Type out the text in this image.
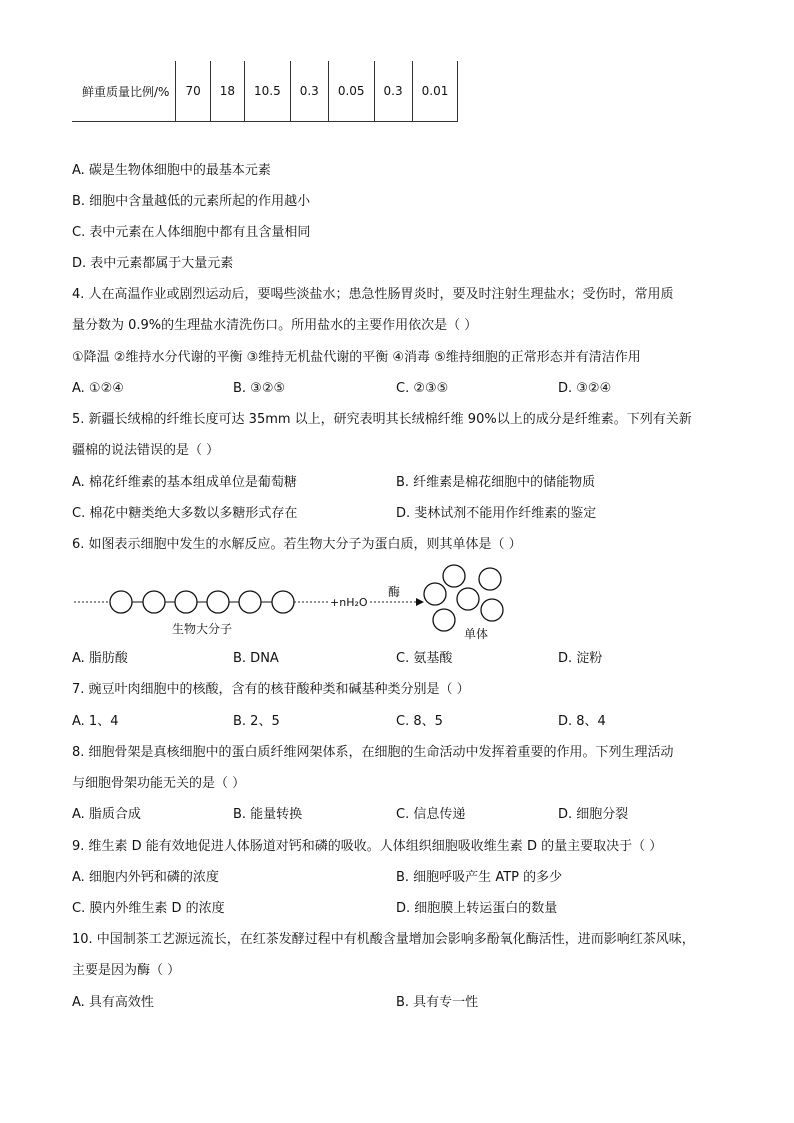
鲜重质量比例/%	70	18	10.5	0.3	0.05	0.3	0.01
A. 碳是生物体细胞中的最基本元素
B. 细胞中含量越低的元素所起的作用越小
C. 表中元素在人体细胞中都有且含量相同
D. 表中元素都属于大量元素
4. 人在高温作业或剧烈运动后，要喝些淡盐水；患急性肠胃炎时，要及时注射生理盐水；受伤时，常用质
量分数为 0.9%的生理盐水清洗伤口。所用盐水的主要作用依次是（ ）
①降温 ②维持水分代谢的平衡 ③维持无机盐代谢的平衡 ④消毒 ⑤维持细胞的正常形态并有清洁作用
A. ①②④	B. ③②⑤	C. ②③⑤	D. ③②④
5. 新疆长绒棉的纤维长度可达 35mm 以上，研究表明其长绒棉纤维 90%以上的成分是纤维素。下列有关新
疆棉的说法错误的是（ ）
A. 棉花纤维素的基本组成单位是葡萄糖	B. 纤维素是棉花细胞中的储能物质
C. 棉花中糖类绝大多数以多糖形式存在	D. 斐林试剂不能用作纤维素的鉴定
6. 如图表示细胞中发生的水解反应。若生物大分子为蛋白质，则其单体是（ ）
+nH₂O
酶
生物大分子	单体
A. 脂肪酸	B. DNA	C. 氨基酸	D. 淀粉
7. 豌豆叶肉细胞中的核酸，含有的核苷酸种类和碱基种类分别是（ ）
A. 1、4	B. 2、5	C. 8、5	D. 8、4
8. 细胞骨架是真核细胞中的蛋白质纤维网架体系，在细胞的生命活动中发挥着重要的作用。下列生理活动
与细胞骨架功能无关的是（ ）
A. 脂质合成	B. 能量转换	C. 信息传递	D. 细胞分裂
9. 维生素 D 能有效地促进人体肠道对钙和磷的吸收。人体组织细胞吸收维生素 D 的量主要取决于（ ）
A. 细胞内外钙和磷的浓度	B. 细胞呼吸产生 ATP 的多少
C. 膜内外维生素 D 的浓度	D. 细胞膜上转运蛋白的数量
10. 中国制茶工艺源远流长，在红茶发酵过程中有机酸含量增加会影响多酚氧化酶活性，进而影响红茶风味，
主要是因为酶（ ）
A. 具有高效性	B. 具有专一性
